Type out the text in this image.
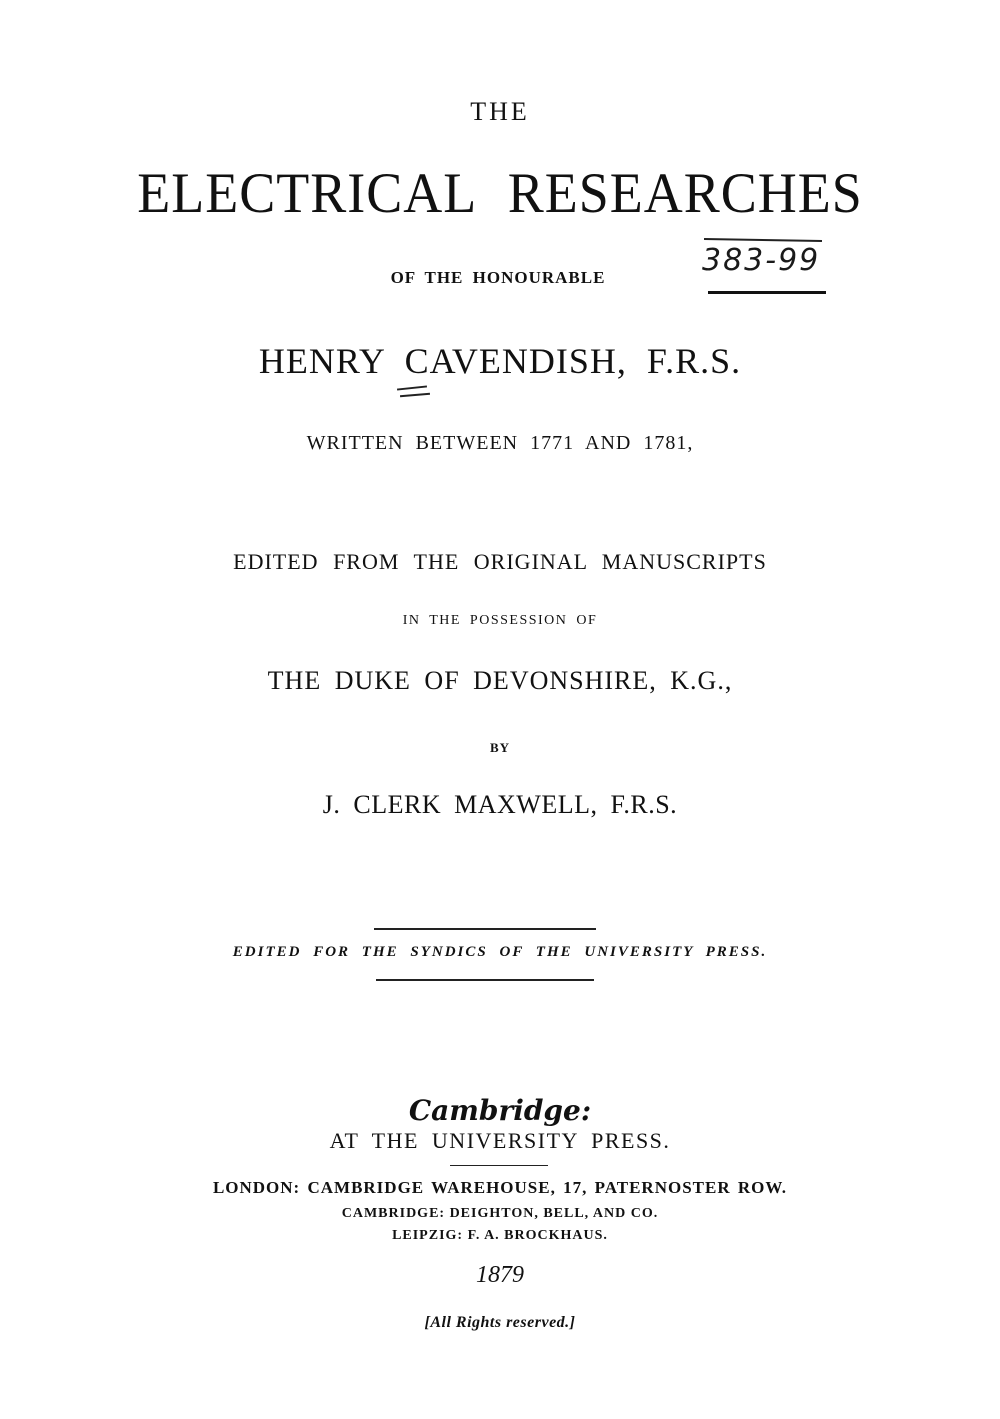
THE

ELECTRICAL RESEARCHES

OF THE HONOURABLE	383-99

HENRY CAVENDISH, F.R.S.

WRITTEN BETWEEN 1771 AND 1781,

EDITED FROM THE ORIGINAL MANUSCRIPTS

IN THE POSSESSION OF

THE DUKE OF DEVONSHIRE, K.G.,

BY

J. CLERK MAXWELL, F.R.S.

EDITED FOR THE SYNDICS OF THE UNIVERSITY PRESS.

Cambridge:

AT THE UNIVERSITY PRESS.

LONDON: CAMBRIDGE WAREHOUSE, 17, PATERNOSTER ROW.

CAMBRIDGE: DEIGHTON, BELL, AND CO.

LEIPZIG: F. A. BROCKHAUS.

1879

[All Rights reserved.]
